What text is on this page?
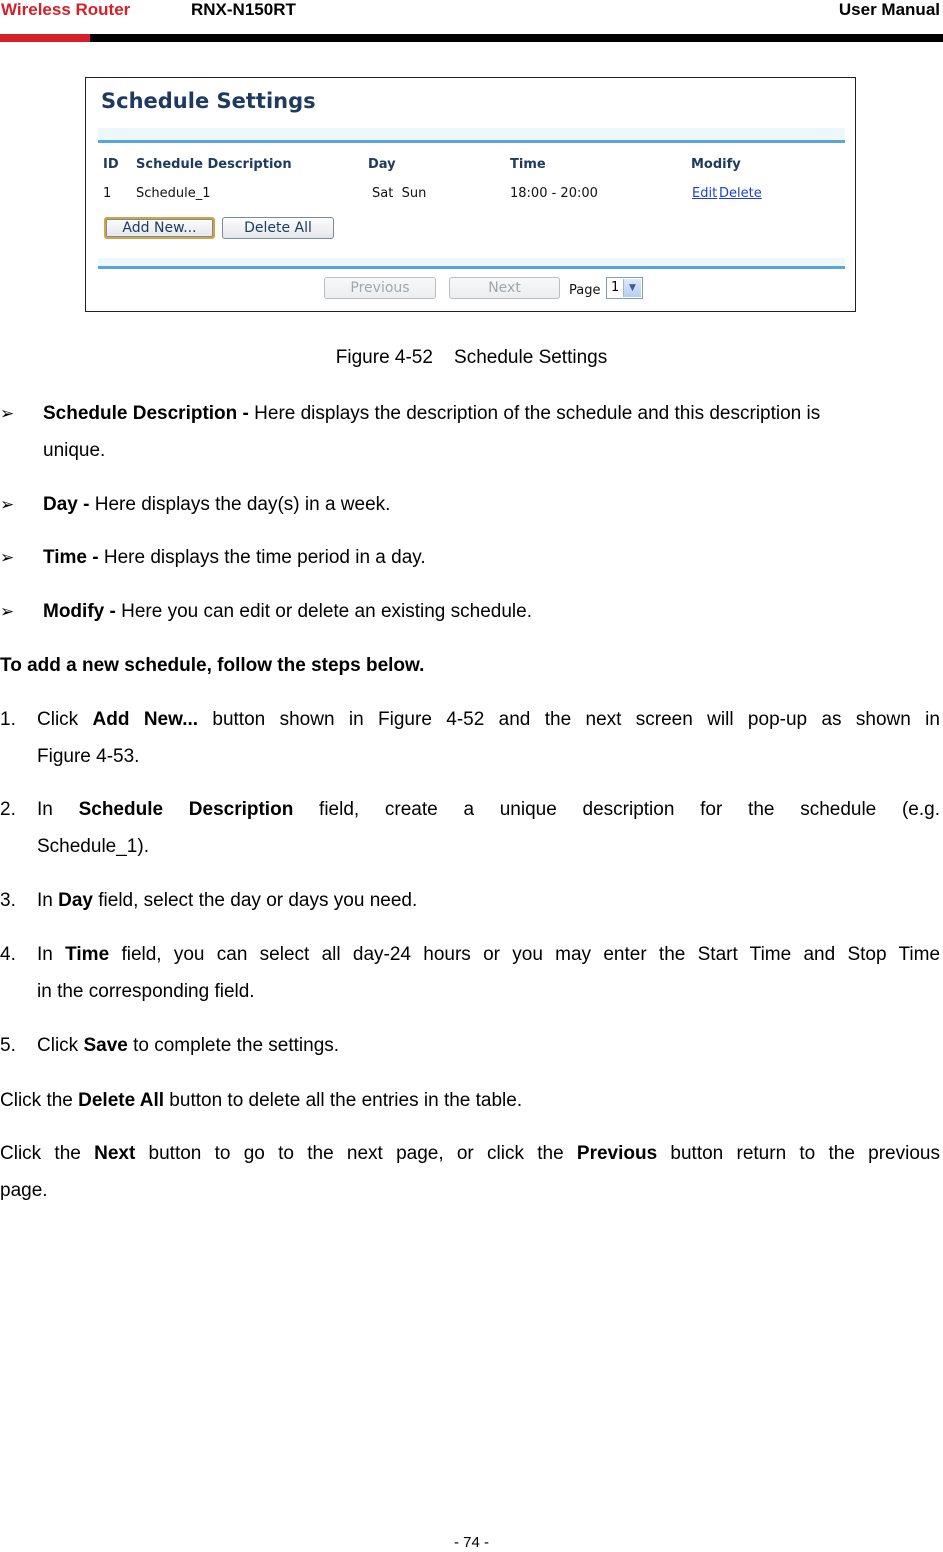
Wireless Router	RNX-N150RT	User Manual
Schedule Settings
ID Schedule Description	Day	Time	Modify
1 Schedule_1	Sat  Sun	18:00 - 20:00	Edit Delete
Add New...	Delete All
Previous	Next	Page 1	▼
Figure 4-52    Schedule Settings
➢ Schedule Description - Here displays the description of the schedule and this description is
unique.
➢ Day - Here displays the day(s) in a week.
➢ Time - Here displays the time period in a day.
➢ Modify - Here you can edit or delete an existing schedule.
To add a new schedule, follow the steps below.
1. Click Add New... button shown in Figure 4-52 and the next screen will pop-up as shown in
Figure 4-53.
2. In Schedule Description field, create a unique description for the schedule (e.g.
Schedule_1).
3. In Day field, select the day or days you need.
4. In Time field, you can select all day-24 hours or you may enter the Start Time and Stop Time
in the corresponding field.
5. Click Save to complete the settings.
Click the Delete All button to delete all the entries in the table.
Click the Next button to go to the next page, or click the Previous button return to the previous
page.
- 74 -
